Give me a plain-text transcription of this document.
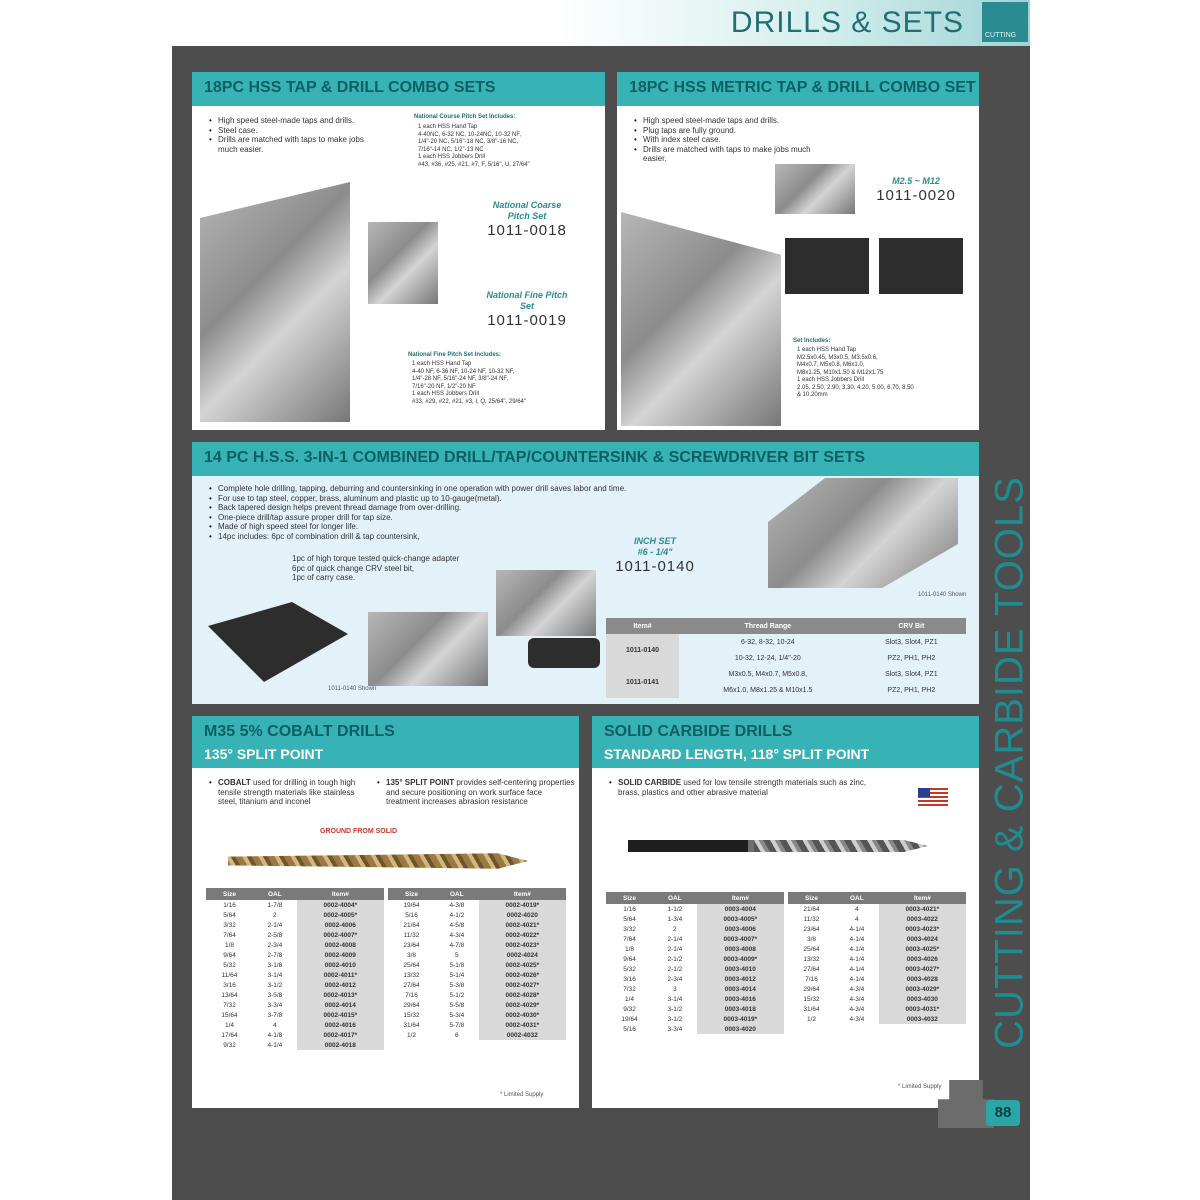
DRILLS & SETS	CUTTING
18PC HSS TAP & DRILL COMBO SETS
• High speed steel-made taps and drills.
• Steel case.
• Drills are matched with taps to make jobs much easier.
National Course Pitch Set Includes:
1 each HSS Hand Tap
4-40NC, 6-32 NC, 10-24NC, 10-32 NF,
1/4"-20 NC, 5/16"-18 NC, 3/8"-16 NC,
7/16"-14 NC, 1/2"-13 NC
1 each HSS Jobbers Drill
#43, #36, #25, #21, #7, F, 5/16", U, 27/64"
National Coarse Pitch Set
1011-0018
National Fine Pitch Set
1011-0019
National Fine Pitch Set Includes:
1 each HSS Hand Tap
4-40 NF, 6-36 NF, 10-24 NF, 10-32 NF,
1/4"-28 NF, 5/16"-24 NF, 3/8"-24 NF,
7/16"-20 NF, 1/2"-20 NF
1 each HSS Jobbers Drill
#33, #29, #22, #21, #3, I, Q, 25/64", 29/64"
18PC HSS METRIC TAP & DRILL COMBO SET
• High speed steel-made taps and drills.
• Plug taps are fully ground.
• With index steel case.
• Drills are matched with taps to make jobs much easier.
M2.5 ~ M12
1011-0020
Set Includes:
1 each HSS Hand Tap
M2.5x0.45, M3x0.5, M3.5x0.6,
M4x0.7, M5x0.8, M6x1.0,
M8x1.25, M10x1.50 & M12x1.75
1 each HSS Jobbers Drill
2.05, 2.50, 2.90, 3.30, 4.20, 5.00, 6.70, 8.50
& 10.20mm
14 PC H.S.S. 3-IN-1 COMBINED DRILL/TAP/COUNTERSINK & SCREWDRIVER BIT SETS
• Complete hole drilling, tapping, deburring and countersinking in one operation with power drill saves labor and time.
• For use to tap steel, copper, brass, aluminum and plastic up to 10-gauge(metal).
• Back tapered design helps prevent thread damage from over-drilling.
• One-piece drill/tap assure proper drill for tap size.
• Made of high speed steel for longer life.
• 14pc includes: 6pc of combination drill & tap countersink,
1pc of high torque tested quick-change adapter
6pc of quick change CRV steel bit,
1pc of carry case.
INCH SET
#6 - 1/4"
1011-0140
1011-0140 Shown
1011-0140 Shown
Item#	Thread Range	CRV Bit
1011-0140	6-32, 8-32, 10-24	Slot3, Slot4, PZ1
	10-32, 12-24, 1/4"-20	PZ2, PH1, PH2
1011-0141	M3x0.5, M4x0.7, M5x0.8,	Slot3, Slot4, PZ1
	M6x1.0, M8x1.25 & M10x1.5	PZ2, PH1, PH2
M35 5% COBALT DRILLS
135° SPLIT POINT
• COBALT used for drilling in tough high tensile strength materials like stainless steel, titanium and inconel
• 135° SPLIT POINT provides self-centering properties and secure positioning on work surface face treatment increases abrasion resistance
GROUND FROM SOLID
Size	OAL	Item#
1/16	1-7/8	0002-4004*
5/64	2	0002-4005*
3/32	2-1/4	0002-4006
7/64	2-5/8	0002-4007*
1/8	2-3/4	0002-4008
9/64	2-7/8	0002-4009
5/32	3-1/8	0002-4010
11/64	3-1/4	0002-4011*
3/16	3-1/2	0002-4012
13/64	3-5/8	0002-4013*
7/32	3-3/4	0002-4014
15/64	3-7/8	0002-4015*
1/4	4	0002-4016
17/64	4-1/8	0002-4017*
9/32	4-1/4	0002-4018
Size	OAL	Item#
19/64	4-3/8	0002-4019*
5/16	4-1/2	0002-4020
21/64	4-5/8	0002-4021*
11/32	4-3/4	0002-4022*
23/64	4-7/8	0002-4023*
3/8	5	0002-4024
25/64	5-1/8	0002-4025*
13/32	5-1/4	0002-4026*
27/64	5-3/8	0002-4027*
7/16	5-1/2	0002-4028*
29/64	5-5/8	0002-4029*
15/32	5-3/4	0002-4030*
31/64	5-7/8	0002-4031*
1/2	6	0002-4032
* Limited Supply
SOLID CARBIDE DRILLS
STANDARD LENGTH, 118° SPLIT POINT
• SOLID CARBIDE used for low tensile strength materials such as zinc, brass, plastics and other abrasive material
Size	OAL	Item#
1/16	1-1/2	0003-4004
5/64	1-3/4	0003-4005*
3/32	2	0003-4006
7/64	2-1/4	0003-4007*
1/8	2-1/4	0003-4008
9/64	2-1/2	0003-4009*
5/32	2-1/2	0003-4010
3/16	2-3/4	0003-4012
7/32	3	0003-4014
1/4	3-1/4	0003-4016
9/32	3-1/2	0003-4018
19/64	3-1/2	0003-4019*
5/16	3-3/4	0003-4020
Size	OAL	Item#
21/64	4	0003-4021*
11/32	4	0003-4022
23/64	4-1/4	0003-4023*
3/8	4-1/4	0003-4024
25/64	4-1/4	0003-4025*
13/32	4-1/4	0003-4026
27/64	4-1/4	0003-4027*
7/16	4-1/4	0003-4028
29/64	4-3/4	0003-4029*
15/32	4-3/4	0003-4030
31/64	4-3/4	0003-4031*
1/2	4-3/4	0003-4032
* Limited Supply
CUTTING & CARBIDE TOOLS
88
